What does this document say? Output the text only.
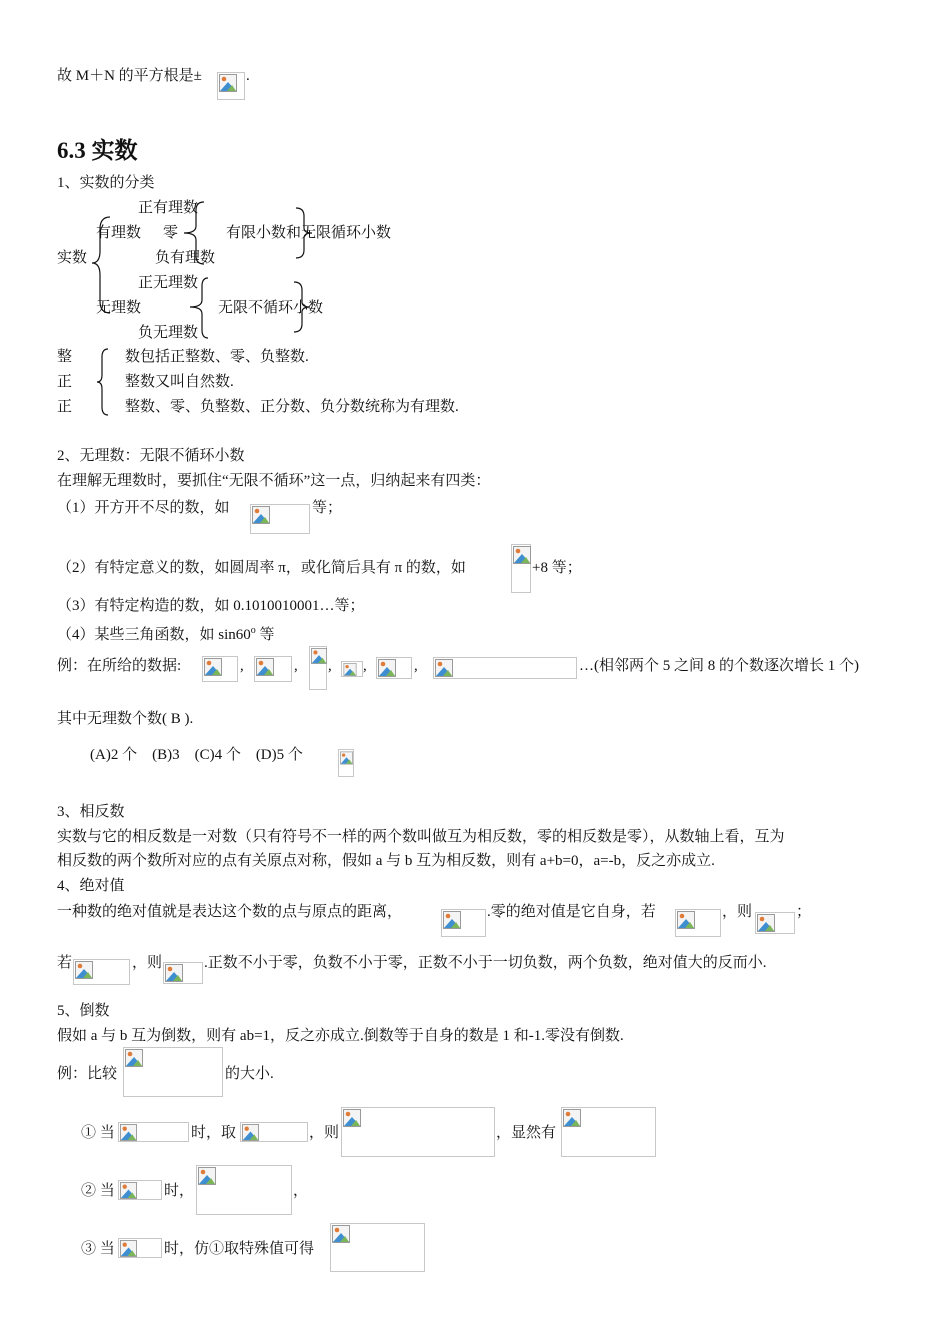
故 M＋N 的平方根是±	.
6.3 实数
1、实数的分类
正有理数
有理数 零	有限小数和无限循环小数
实数	负有理数
正无理数
无理数	无限不循环小数
负无理数
整
正
正
数包括正整数、零、负整数.
整数又叫自然数.
整数、零、负整数、正分数、负分数统称为有理数.
2、无理数：无限不循环小数
在理解无理数时，要抓住“无限不循环”这一点，归纳起来有四类：
（1）开方开不尽的数，如	等；
（2）有特定意义的数，如圆周率 π，或化简后具有 π 的数，如	+8 等；
（3）有特定构造的数，如 0.1010010001…等；
（4）某些三角函数，如 sin60$^o$ 等
例：在所给的数据:	,	, , ,	,	…(相邻两个 5 之间 8 的个数逐次增长 1 个)
其中无理数个数( B ).
(A)2 个    (B)3    (C)4 个    (D)5 个
3、相反数
实数与它的相反数是一对数（只有符号不一样的两个数叫做互为相反数，零的相反数是零），从数轴上看，互为
相反数的两个数所对应的点有关原点对称，假如 a 与 b 互为相反数，则有 a+b=0，a=-b，反之亦成立.
4、绝对值
一种数的绝对值就是表达这个数的点与原点的距离，	.零的绝对值是它自身，若	，则	；
若	，则	.正数不小于零，负数不小于零，正数不小于一切负数，两个负数，绝对值大的反而小.
5、倒数
假如 a 与 b 互为倒数，则有 ab=1，反之亦成立.倒数等于自身的数是 1 和-1.零没有倒数.
例：比较	的大小.
① 当	时，取	，则	，显然有
② 当	时，	，
③ 当	时，仿①取特殊值可得
